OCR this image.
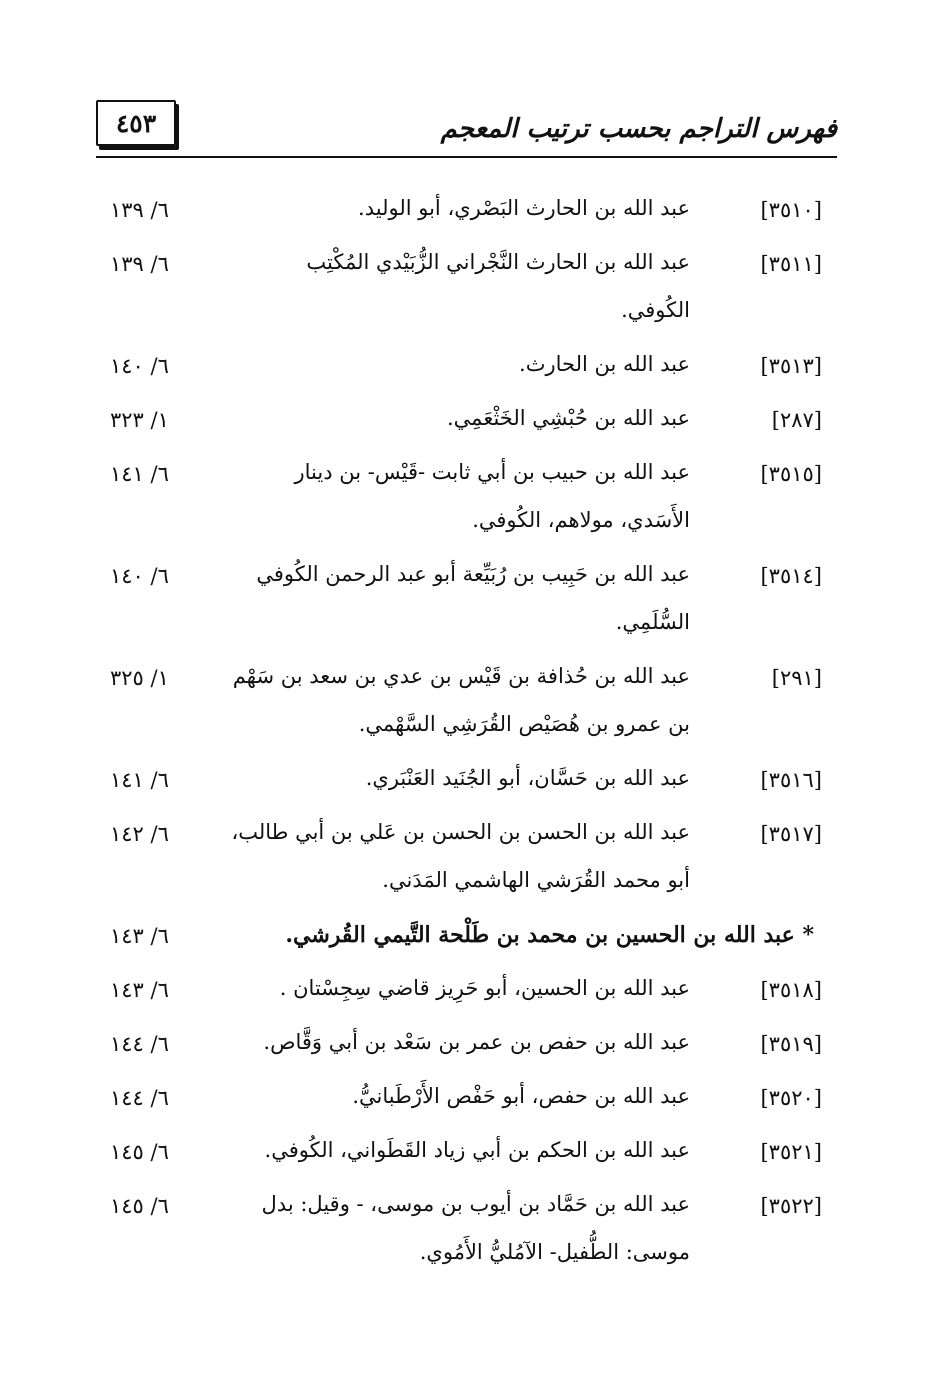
٤٥٣	فهرس التراجم بحسب ترتيب المعجم
[٣٥١٠]
عبد الله بن الحارث البَصْري، أبو الوليد.
٦/ ١٣٩
[٣٥١١]
عبد الله بن الحارث النَّجْراني الزُّبَيْدي المُكْتِب
٦/ ١٣٩
الكُوفي.
[٣٥١٣]
عبد الله بن الحارث.
٦/ ١٤٠
[٢٨٧]
عبد الله بن حُبْشِي الخَثْعَمِي.
١/ ٣٢٣
[٣٥١٥]
عبد الله بن حبيب بن أبي ثابت -قَيْس- بن دينار
٦/ ١٤١
الأَسَدي، مولاهم، الكُوفي.
[٣٥١٤]
عبد الله بن حَبِيب بن رُبَيِّعة أبو عبد الرحمن الكُوفي
٦/ ١٤٠
السُّلَمِي.
[٢٩١]
عبد الله بن حُذافة بن قَيْس بن عدي بن سعد بن سَهْم
١/ ٣٢٥
بن عمرو بن هُصَيْص القُرَشِي السَّهْمي.
[٣٥١٦]
عبد الله بن حَسَّان، أبو الجُنَيد العَنْبَري.
٦/ ١٤١
[٣٥١٧]
عبد الله بن الحسن بن الحسن بن عَلي بن أبي طالب،
٦/ ١٤٢
أبو محمد القُرَشي الهاشمي المَدَني.
* عبد الله بن الحسين بن محمد بن طَلْحة التَّيمي القُرشي.
٦/ ١٤٣
[٣٥١٨]
عبد الله بن الحسين، أبو حَرِيز قاضي سِجِسْتان .
٦/ ١٤٣
[٣٥١٩]
عبد الله بن حفص بن عمر بن سَعْد بن أبي وَقَّاص.
٦/ ١٤٤
[٣٥٢٠]
عبد الله بن حفص، أبو حَفْص الأَرْطَبانيُّ.
٦/ ١٤٤
[٣٥٢١]
عبد الله بن الحكم بن أبي زياد القَطَواني، الكُوفي.
٦/ ١٤٥
[٣٥٢٢]
عبد الله بن حَمَّاد بن أيوب بن موسى، - وقيل: بدل
٦/ ١٤٥
موسى: الطُّفيل- الآمُليُّ الأَمُوي.
